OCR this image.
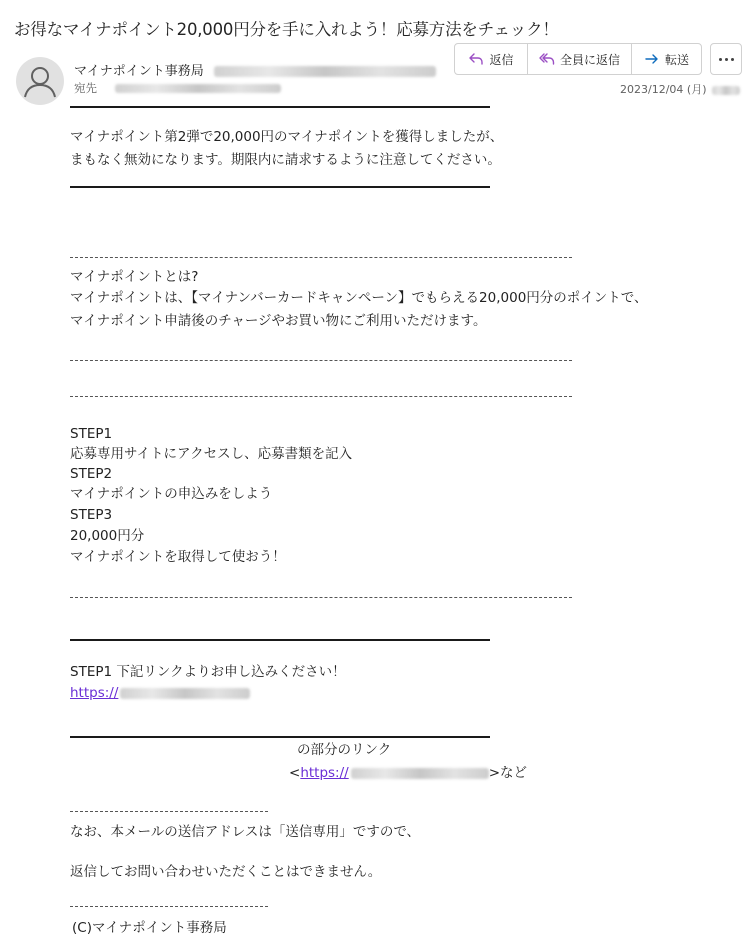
お得なマイナポイント20,000円分を手に入れよう！応募方法をチェック！
マイナポイント事務局
宛先
返信	全員に返信	転送
2023/12/04 (月)
マイナポイント第2弾で20,000円のマイナポイントを獲得しましたが、
まもなく無効になります。期限内に請求するように注意してください。
マイナポイントとは?
マイナポイントは、【マイナンバーカードキャンペーン】でもらえる20,000円分のポイントで、
マイナポイント申請後のチャージやお買い物にご利用いただけます。
STEP1
応募専用サイトにアクセスし、応募書類を記入
STEP2
マイナポイントの申込みをしよう
STEP3
20,000円分
マイナポイントを取得して使おう！
STEP1 下記リンクよりお申し込みください！
https://
の部分のリンク
<https://	>など
なお、本メールの送信アドレスは「送信専用」ですので、
返信してお問い合わせいただくことはできません。
(C)マイナポイント事務局
